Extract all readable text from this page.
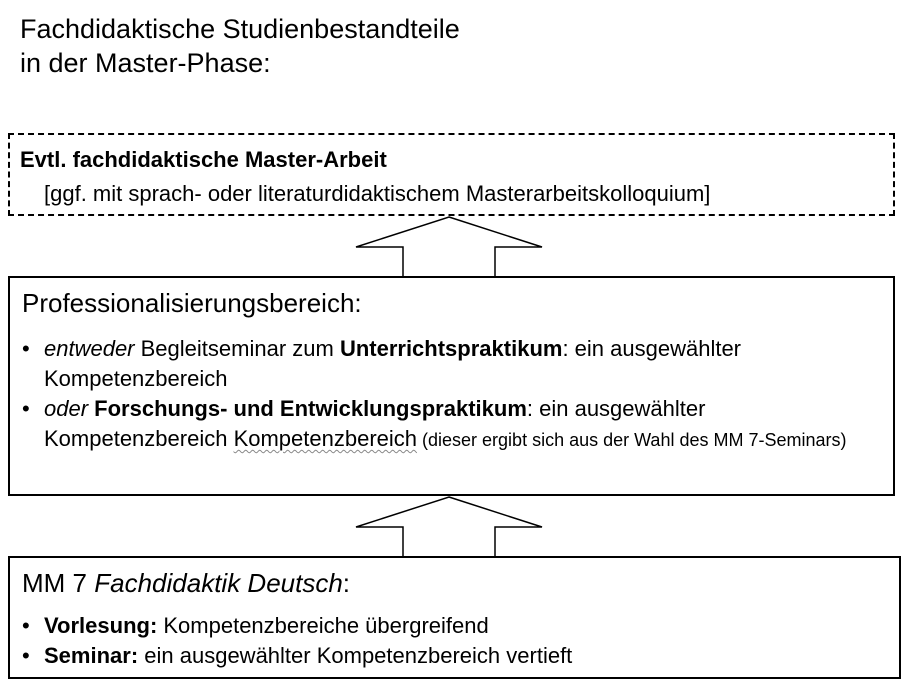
Fachdidaktische Studienbestandteile
in der Master-Phase:
Evtl. fachdidaktische Master-Arbeit
[ggf. mit sprach- oder literaturdidaktischem Masterarbeitskolloquium]
Professionalisierungsbereich:
• entweder Begleitseminar zum Unterrichtspraktikum: ein ausgewählter Kompetenzbereich
• oder Forschungs- und Entwicklungspraktikum: ein ausgewählter Kompetenzbereich Kompetenzbereich (dieser ergibt sich aus der Wahl des MM 7-Seminars)
MM 7 Fachdidaktik Deutsch:
• Vorlesung: Kompetenzbereiche übergreifend
• Seminar: ein ausgewählter Kompetenzbereich vertieft
